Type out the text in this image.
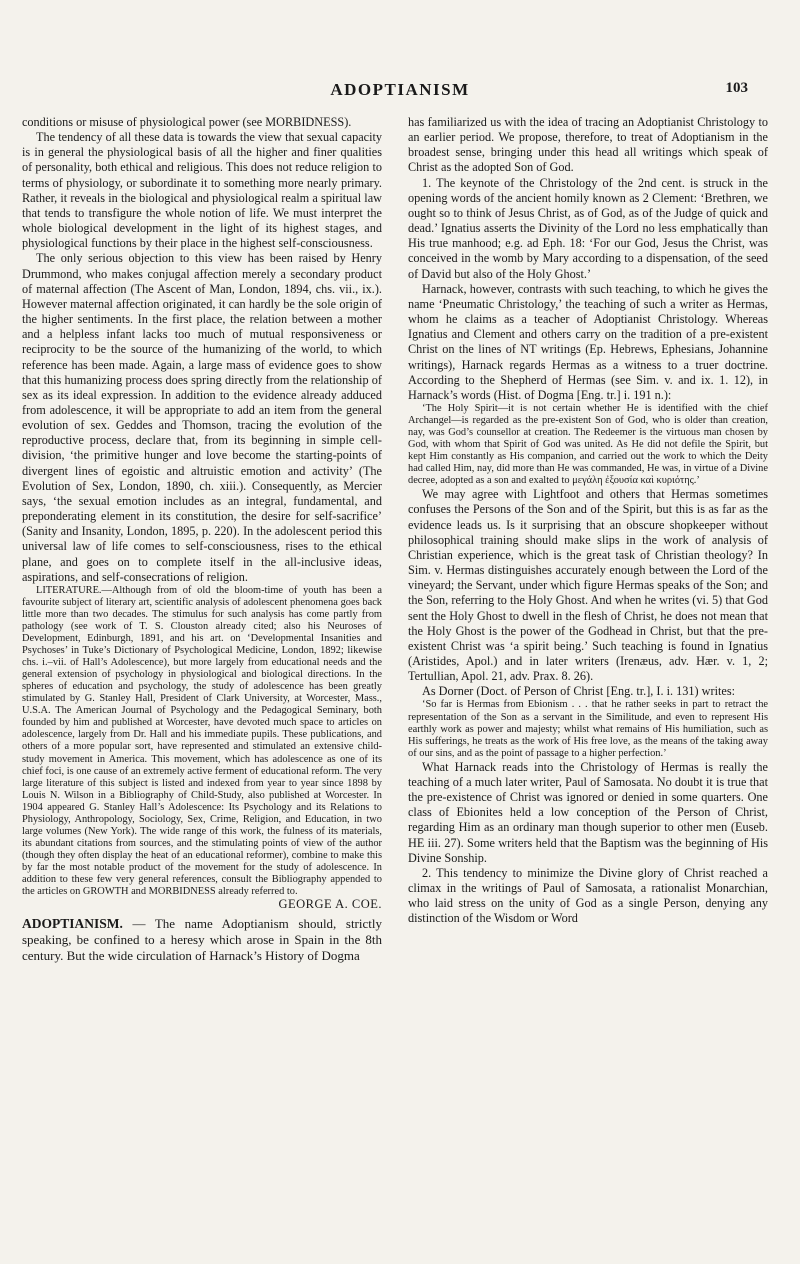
ADOPTIANISM	103

conditions or misuse of physiological power (see MORBIDNESS).

The tendency of all these data is towards the view that sexual capacity is in general the physiological basis of all the higher and finer qualities of personality, both ethical and religious. This does not reduce religion to terms of physiology, or subordinate it to something more nearly primary. Rather, it reveals in the biological and physiological realm a spiritual law that tends to transfigure the whole notion of life. We must interpret the whole biological development in the light of its highest stages, and physiological functions by their place in the highest self-consciousness.

The only serious objection to this view has been raised by Henry Drummond, who makes conjugal affection merely a secondary product of maternal affection (The Ascent of Man, London, 1894, chs. vii., ix.). However maternal affection originated, it can hardly be the sole origin of the higher sentiments. In the first place, the relation between a mother and a helpless infant lacks too much of mutual responsiveness or reciprocity to be the source of the humanizing of the world, to which reference has been made. Again, a large mass of evidence goes to show that this humanizing process does spring directly from the relationship of sex as its ideal expression. In addition to the evidence already adduced from adolescence, it will be appropriate to add an item from the general evolution of sex. Geddes and Thomson, tracing the evolution of the reproductive process, declare that, from its beginning in simple cell-division, ‘the primitive hunger and love become the starting-points of divergent lines of egoistic and altruistic emotion and activity’ (The Evolution of Sex, London, 1890, ch. xiii.). Consequently, as Mercier says, ‘the sexual emotion includes as an integral, fundamental, and preponderating element in its constitution, the desire for self-sacrifice’ (Sanity and Insanity, London, 1895, p. 220). In the adolescent period this universal law of life comes to self-consciousness, rises to the ethical plane, and goes on to complete itself in the all-inclusive ideas, aspirations, and self-consecrations of religion.

LITERATURE.—Although from of old the bloom-time of youth has been a favourite subject of literary art, scientific analysis of adolescent phenomena goes back little more than two decades. The stimulus for such analysis has come partly from pathology (see work of T. S. Clouston already cited; also his Neuroses of Development, Edinburgh, 1891, and his art. on ‘Developmental Insanities and Psychoses’ in Tuke’s Dictionary of Psychological Medicine, London, 1892; likewise chs. i.–vii. of Hall’s Adolescence), but more largely from educational needs and the general extension of psychology in physiological and biological directions. In the spheres of education and psychology, the study of adolescence has been greatly stimulated by G. Stanley Hall, President of Clark University, at Worcester, Mass., U.S.A. The American Journal of Psychology and the Pedagogical Seminary, both founded by him and published at Worcester, have devoted much space to articles on adolescence, largely from Dr. Hall and his immediate pupils. These publications, and others of a more popular sort, have represented and stimulated an extensive child-study movement in America. This movement, which has adolescence as one of its chief foci, is one cause of an extremely active ferment of educational reform. The very large literature of this subject is listed and indexed from year to year since 1898 by Louis N. Wilson in a Bibliography of Child-Study, also published at Worcester. In 1904 appeared G. Stanley Hall’s Adolescence: Its Psychology and its Relations to Physiology, Anthropology, Sociology, Sex, Crime, Religion, and Education, in two large volumes (New York). The wide range of this work, the fulness of its materials, its abundant citations from sources, and the stimulating points of view of the author (though they often display the heat of an educational reformer), combine to make this by far the most notable product of the movement for the study of adolescence. In addition to these few very general references, consult the Bibliography appended to the articles on GROWTH and MORBIDNESS already referred to.

GEORGE A. COE.

ADOPTIANISM. — The name Adoptianism should, strictly speaking, be confined to a heresy which arose in Spain in the 8th century. But the wide circulation of Harnack’s History of Dogma

has familiarized us with the idea of tracing an Adoptianist Christology to an earlier period. We propose, therefore, to treat of Adoptianism in the broadest sense, bringing under this head all writings which speak of Christ as the adopted Son of God.

1. The keynote of the Christology of the 2nd cent. is struck in the opening words of the ancient homily known as 2 Clement: ‘Brethren, we ought so to think of Jesus Christ, as of God, as of the Judge of quick and dead.’ Ignatius asserts the Divinity of the Lord no less emphatically than His true manhood; e.g. ad Eph. 18: ‘For our God, Jesus the Christ, was conceived in the womb by Mary according to a dispensation, of the seed of David but also of the Holy Ghost.’

Harnack, however, contrasts with such teaching, to which he gives the name ‘Pneumatic Christology,’ the teaching of such a writer as Hermas, whom he claims as a teacher of Adoptianist Christology. Whereas Ignatius and Clement and others carry on the tradition of a pre-existent Christ on the lines of NT writings (Ep. Hebrews, Ephesians, Johannine writings), Harnack regards Hermas as a witness to a truer doctrine. According to the Shepherd of Hermas (see Sim. v. and ix. 1. 12), in Harnack’s words (Hist. of Dogma [Eng. tr.] i. 191 n.):

‘The Holy Spirit—it is not certain whether He is identified with the chief Archangel—is regarded as the pre-existent Son of God, who is older than creation, nay, was God’s counsellor at creation. The Redeemer is the virtuous man chosen by God, with whom that Spirit of God was united. As He did not defile the Spirit, but kept Him constantly as His companion, and carried out the work to which the Deity had called Him, nay, did more than He was commanded, He was, in virtue of a Divine decree, adopted as a son and exalted to μεγάλη ἐξουσία καὶ κυριότης.’

We may agree with Lightfoot and others that Hermas sometimes confuses the Persons of the Son and of the Spirit, but this is as far as the evidence leads us. Is it surprising that an obscure shopkeeper without philosophical training should make slips in the work of analysis of Christian experience, which is the great task of Christian theology? In Sim. v. Hermas distinguishes accurately enough between the Lord of the vineyard; the Servant, under which figure Hermas speaks of the Son; and the Son, referring to the Holy Ghost. And when he writes (vi. 5) that God sent the Holy Ghost to dwell in the flesh of Christ, he does not mean that the Holy Ghost is the power of the Godhead in Christ, but that the pre-existent Christ was ‘a spirit being.’ Such teaching is found in Ignatius (Aristides, Apol.) and in later writers (Irenæus, adv. Hær. v. 1, 2; Tertullian, Apol. 21, adv. Prax. 8. 26).

As Dorner (Doct. of Person of Christ [Eng. tr.], I. i. 131) writes:

‘So far is Hermas from Ebionism . . . that he rather seeks in part to retract the representation of the Son as a servant in the Similitude, and even to represent His earthly work as power and majesty; whilst what remains of His humiliation, such as His sufferings, he treats as the work of His free love, as the means of the taking away of our sins, and as the point of passage to a higher perfection.’

What Harnack reads into the Christology of Hermas is really the teaching of a much later writer, Paul of Samosata. No doubt it is true that the pre-existence of Christ was ignored or denied in some quarters. One class of Ebionites held a low conception of the Person of Christ, regarding Him as an ordinary man though superior to other men (Euseb. HE iii. 27). Some writers held that the Baptism was the beginning of His Divine Sonship.

2. This tendency to minimize the Divine glory of Christ reached a climax in the writings of Paul of Samosata, a rationalist Monarchian, who laid stress on the unity of God as a single Person, denying any distinction of the Wisdom or Word
